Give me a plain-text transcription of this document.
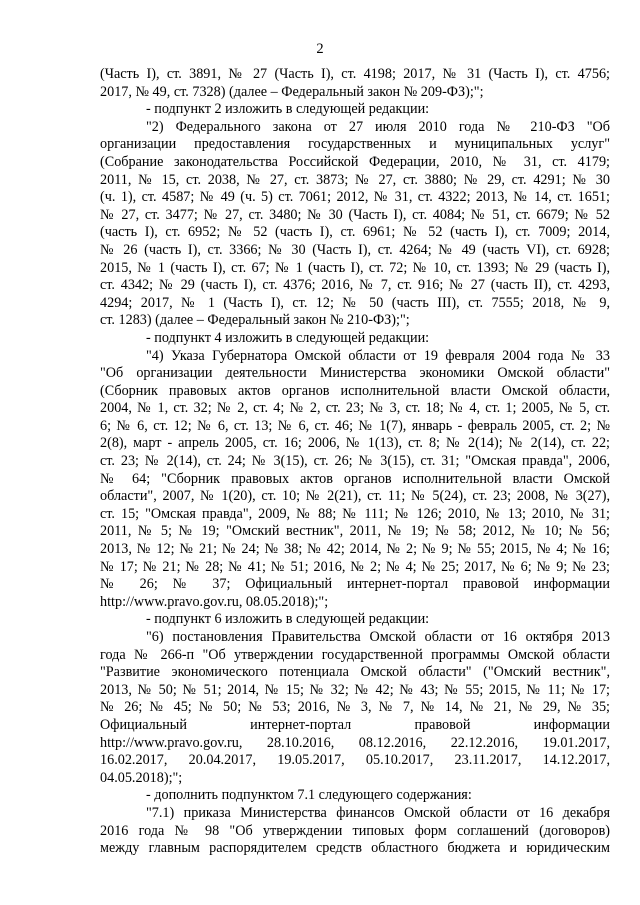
2
(Часть I), ст. 3891, № 27 (Часть I), ст. 4198; 2017, № 31 (Часть I), ст. 4756;
2017, № 49, ст. 7328) (далее – Федеральный закон № 209-ФЗ);";
- подпункт 2 изложить в следующей редакции:
"2) Федерального закона от 27 июля 2010 года № 210-ФЗ "Об
организации предоставления государственных и муниципальных услуг"
(Собрание законодательства Российской Федерации, 2010, № 31, ст. 4179;
2011, № 15, ст. 2038, № 27, ст. 3873; № 27, ст. 3880; № 29, ст. 4291; № 30
(ч. 1), ст. 4587; № 49 (ч. 5) ст. 7061; 2012, № 31, ст. 4322; 2013, № 14, ст. 1651;
№ 27, ст. 3477; № 27, ст. 3480; № 30 (Часть I), ст. 4084; № 51, ст. 6679; № 52
(часть I), ст. 6952; № 52 (часть I), ст. 6961; № 52 (часть I), ст. 7009; 2014,
№ 26 (часть I), ст. 3366; № 30 (Часть I), ст. 4264; № 49 (часть VI), ст. 6928;
2015, № 1 (часть I), ст. 67; № 1 (часть I), ст. 72; № 10, ст. 1393; № 29 (часть I),
ст. 4342; № 29 (часть I), ст. 4376; 2016, № 7, ст. 916; № 27 (часть II), ст. 4293,
4294; 2017, № 1 (Часть I), ст. 12; № 50 (часть III), ст. 7555; 2018, № 9,
ст. 1283) (далее – Федеральный закон № 210-ФЗ);";
- подпункт 4 изложить в следующей редакции:
"4) Указа Губернатора Омской области от 19 февраля 2004 года № 33
"Об организации деятельности Министерства экономики Омской области"
(Сборник правовых актов органов исполнительной власти Омской области,
2004, № 1, ст. 32; № 2, ст. 4; № 2, ст. 23; № 3, ст. 18; № 4, ст. 1; 2005, № 5, ст.
6; № 6, ст. 12; № 6, ст. 13; № 6, ст. 46; № 1(7), январь - февраль 2005, ст. 2; №
2(8), март - апрель 2005, ст. 16; 2006, № 1(13), ст. 8; № 2(14); № 2(14), ст. 22;
ст. 23; № 2(14), ст. 24; № 3(15), ст. 26; № 3(15), ст. 31; "Омская правда", 2006,
№ 64; "Сборник правовых актов органов исполнительной власти Омской
области", 2007, № 1(20), ст. 10; № 2(21), ст. 11; № 5(24), ст. 23; 2008, № 3(27),
ст. 15; "Омская правда", 2009, № 88; № 111; № 126; 2010, № 13; 2010, № 31;
2011, № 5; № 19; "Омский вестник", 2011, № 19; № 58; 2012, № 10; № 56;
2013, № 12; № 21; № 24; № 38; № 42; 2014, № 2; № 9; № 55; 2015, № 4; № 16;
№ 17; № 21; № 28; № 41; № 51; 2016, № 2; № 4; № 25; 2017, № 6; № 9; № 23;
№ 26; № 37; Официальный интернет-портал правовой информации
http://www.pravo.gov.ru, 08.05.2018);";
- подпункт 6 изложить в следующей редакции:
"6) постановления Правительства Омской области от 16 октября 2013
года № 266-п "Об утверждении государственной программы Омской области
"Развитие экономического потенциала Омской области" ("Омский вестник",
2013, № 50; № 51; 2014, № 15; № 32; № 42; № 43; № 55; 2015, № 11; № 17;
№ 26; № 45; № 50; № 53; 2016, № 3, № 7, № 14, № 21, № 29, № 35;
Официальный интернет-портал правовой информации
http://www.pravo.gov.ru, 28.10.2016, 08.12.2016, 22.12.2016, 19.01.2017,
16.02.2017, 20.04.2017, 19.05.2017, 05.10.2017, 23.11.2017, 14.12.2017,
04.05.2018);";
- дополнить подпунктом 7.1 следующего содержания:
"7.1) приказа Министерства финансов Омской области от 16 декабря
2016 года № 98 "Об утверждении типовых форм соглашений (договоров)
между главным распорядителем средств областного бюджета и юридическим
